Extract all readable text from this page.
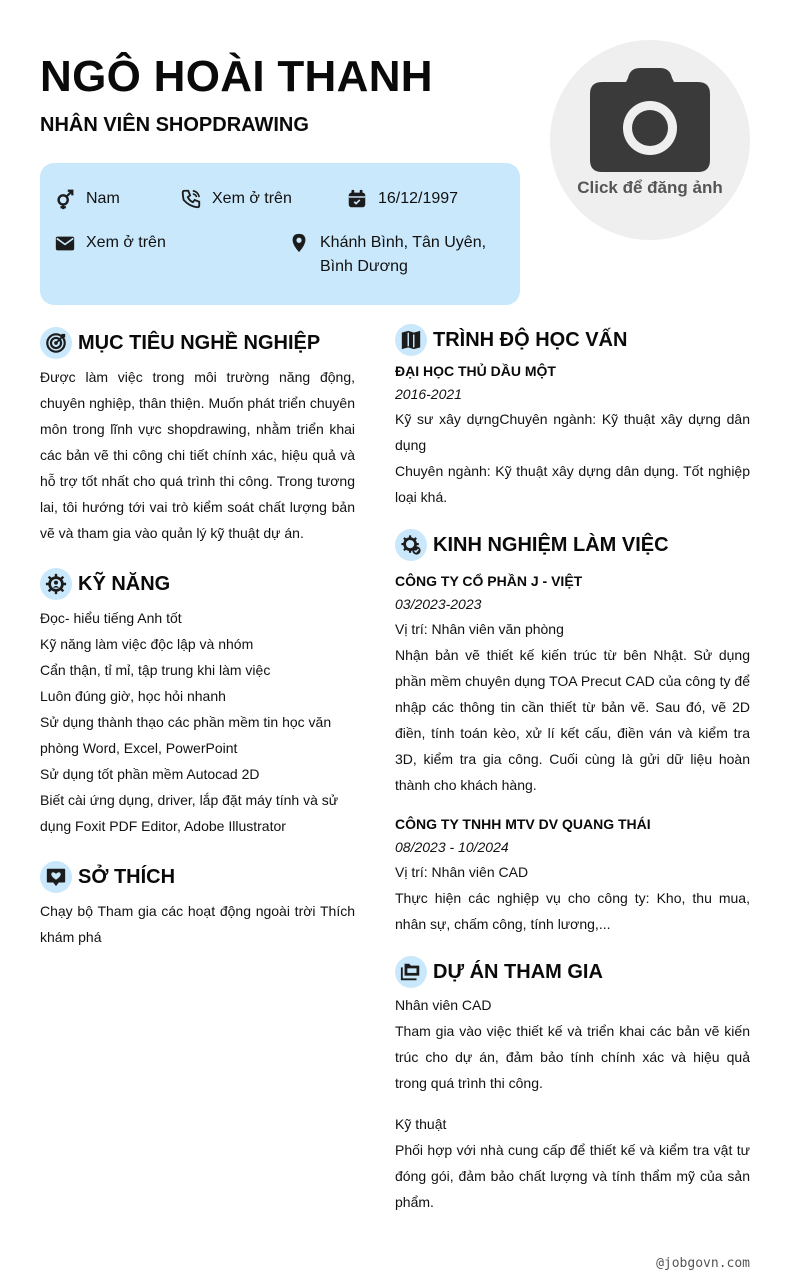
NGÔ HOÀI THANH
NHÂN VIÊN SHOPDRAWING
Click để đăng ảnh
Nam	Xem ở trên	16/12/1997
Xem ở trên	Khánh Bình, Tân Uyên,
Bình Dương
MỤC TIÊU NGHỀ NGHIỆP
Được làm việc trong môi trường năng động, chuyên nghiệp, thân thiện. Muốn phát triển chuyên môn trong lĩnh vực shopdrawing, nhằm triển khai các bản vẽ thi công chi tiết chính xác, hiệu quả và hỗ trợ tốt nhất cho quá trình thi công. Trong tương lai, tôi hướng tới vai trò kiểm soát chất lượng bản vẽ và tham gia vào quản lý kỹ thuật dự án.
KỸ NĂNG
Đọc- hiểu tiếng Anh tốt
Kỹ năng làm việc độc lập và nhóm
Cẩn thận, tỉ mỉ, tập trung khi làm việc
Luôn đúng giờ, học hỏi nhanh
Sử dụng thành thạo các phần mềm tin học văn
phòng Word, Excel, PowerPoint
Sử dụng tốt phần mềm Autocad 2D
Biết cài ứng dụng, driver, lắp đặt máy tính và sử
dụng Foxit PDF Editor, Adobe Illustrator
SỞ THÍCH
Chạy bộ Tham gia các hoạt động ngoài trời Thích khám phá
TRÌNH ĐỘ HỌC VẤN
ĐẠI HỌC THỦ DẦU MỘT
2016-2021
Kỹ sư xây dựngChuyên ngành: Kỹ thuật xây dựng dân dụng
Chuyên ngành: Kỹ thuật xây dựng dân dụng. Tốt nghiệp loại khá.
KINH NGHIỆM LÀM VIỆC
CÔNG TY CỔ PHẦN J - VIỆT
03/2023-2023
Vị trí: Nhân viên văn phòng
Nhận bản vẽ thiết kế kiến trúc từ bên Nhật. Sử dụng phần mềm chuyên dụng TOA Precut CAD của công ty để nhập các thông tin cần thiết từ bản vẽ. Sau đó, vẽ 2D điền, tính toán kèo, xử lí kết cấu, điền ván và kiểm tra 3D, kiểm tra gia công. Cuối cùng là gửi dữ liệu hoàn thành cho khách hàng.
CÔNG TY TNHH MTV DV QUANG THÁI
08/2023 - 10/2024
Vị trí: Nhân viên CAD
Thực hiện các nghiệp vụ cho công ty: Kho, thu mua, nhân sự, chấm công, tính lương,...
DỰ ÁN THAM GIA
Nhân viên CAD
Tham gia vào việc thiết kế và triển khai các bản vẽ kiến trúc cho dự án, đảm bảo tính chính xác và hiệu quả trong quá trình thi công.
Kỹ thuật
Phối hợp với nhà cung cấp để thiết kế và kiểm tra vật tư đóng gói, đảm bảo chất lượng và tính thẩm mỹ của sản phẩm.
@jobgovn.com
